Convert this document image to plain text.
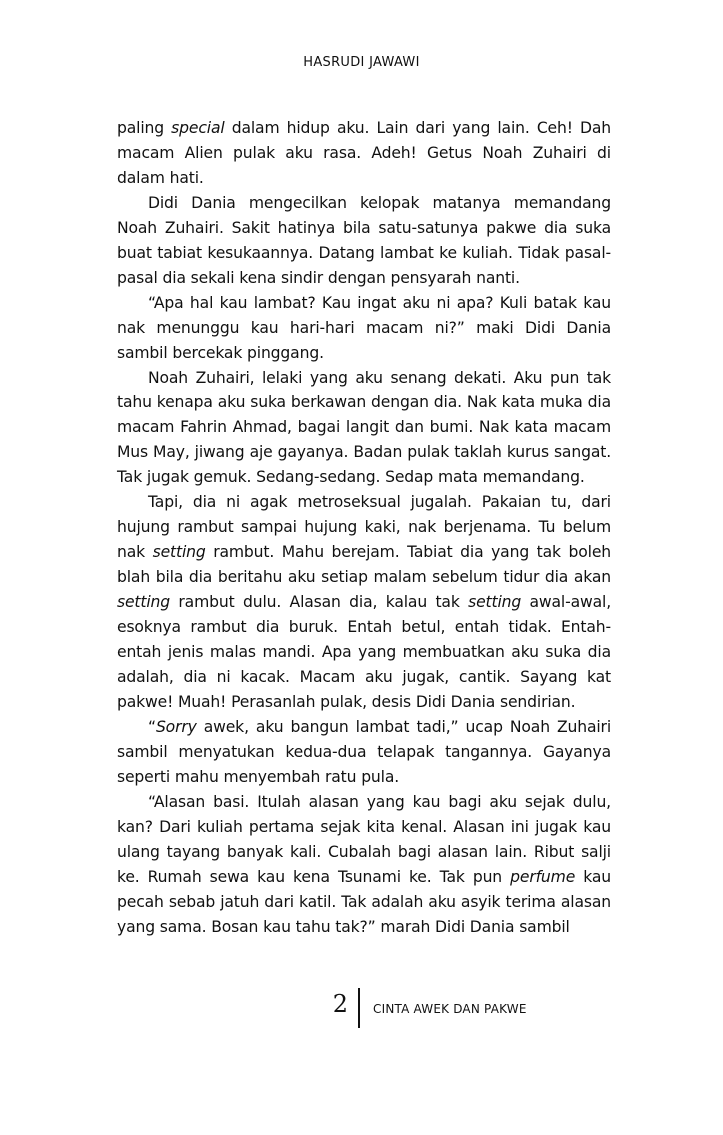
HASRUDI JAWAWI

paling special dalam hidup aku. Lain dari yang lain. Ceh! Dah macam Alien pulak aku rasa. Adeh! Getus Noah Zuhairi di dalam hati.

Didi Dania mengecilkan kelopak matanya memandang Noah Zuhairi. Sakit hatinya bila satu-satunya pakwe dia suka buat tabiat kesukaannya. Datang lambat ke kuliah. Tidak pasal-pasal dia sekali kena sindir dengan pensyarah nanti.

“Apa hal kau lambat? Kau ingat aku ni apa? Kuli batak kau nak menunggu kau hari-hari macam ni?” maki Didi Dania sambil bercekak pinggang.

Noah Zuhairi, lelaki yang aku senang dekati. Aku pun tak tahu kenapa aku suka berkawan dengan dia. Nak kata muka dia macam Fahrin Ahmad, bagai langit dan bumi. Nak kata macam Mus May, jiwang aje gayanya. Badan pulak taklah kurus sangat. Tak jugak gemuk. Sedang-sedang. Sedap mata memandang.

Tapi, dia ni agak metroseksual jugalah. Pakaian tu, dari hujung rambut sampai hujung kaki, nak berjenama. Tu belum nak setting rambut. Mahu berejam. Tabiat dia yang tak boleh blah bila dia beritahu aku setiap malam sebelum tidur dia akan setting rambut dulu. Alasan dia, kalau tak setting awal-awal, esoknya rambut dia buruk. Entah betul, entah tidak. Entah-entah jenis malas mandi. Apa yang membuatkan aku suka dia adalah, dia ni kacak. Macam aku jugak, cantik. Sayang kat pakwe! Muah! Perasanlah pulak, desis Didi Dania sendirian.

“Sorry awek, aku bangun lambat tadi,” ucap Noah Zuhairi sambil menyatukan kedua-dua telapak tangannya. Gayanya seperti mahu menyembah ratu pula.

“Alasan basi. Itulah alasan yang kau bagi aku sejak dulu, kan? Dari kuliah pertama sejak kita kenal. Alasan ini jugak kau ulang tayang banyak kali. Cubalah bagi alasan lain. Ribut salji ke. Rumah sewa kau kena Tsunami ke. Tak pun perfume kau pecah sebab jatuh dari katil. Tak adalah aku asyik terima alasan yang sama. Bosan kau tahu tak?” marah Didi Dania sambil

2 CINTA AWEK DAN PAKWE
